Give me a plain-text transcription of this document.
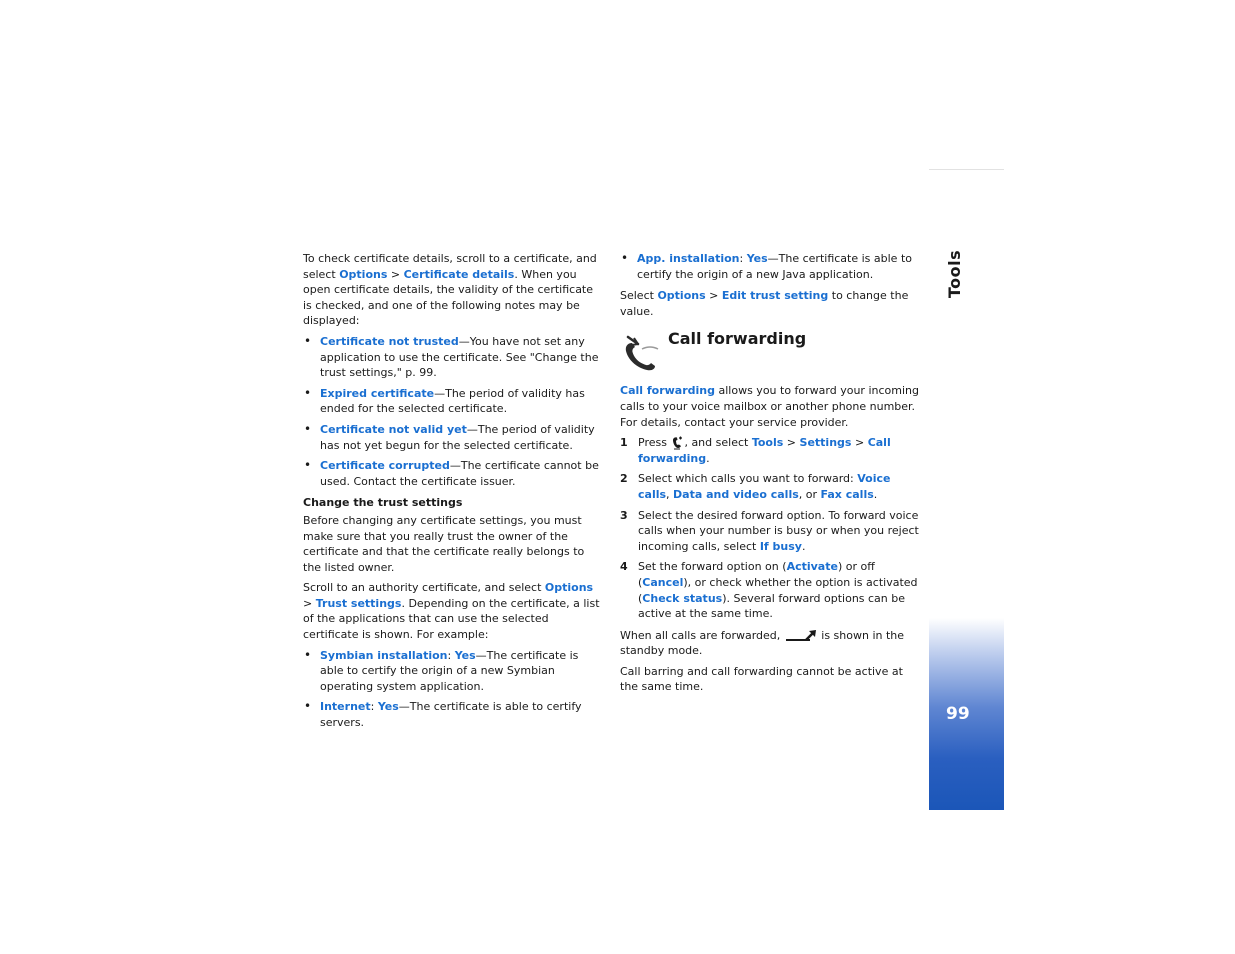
Tools
99

To check certificate details, scroll to a certificate, and select Options > Certificate details. When you open certificate details, the validity of the certificate is checked, and one of the following notes may be displayed:

• Certificate not trusted—You have not set any application to use the certificate. See "Change the trust settings," p. 99.
• Expired certificate—The period of validity has ended for the selected certificate.
• Certificate not valid yet—The period of validity has not yet begun for the selected certificate.
• Certificate corrupted—The certificate cannot be used. Contact the certificate issuer.
Change the trust settings

Before changing any certificate settings, you must make sure that you really trust the owner of the certificate and that the certificate really belongs to the listed owner.

Scroll to an authority certificate, and select Options > Trust settings. Depending on the certificate, a list of the applications that can use the selected certificate is shown. For example:

• Symbian installation: Yes—The certificate is able to certify the origin of a new Symbian operating system application.
• Internet: Yes—The certificate is able to certify servers.
• App. installation: Yes—The certificate is able to certify the origin of a new Java application.

Select Options > Edit trust setting to change the value.

Call forwarding

Call forwarding allows you to forward your incoming calls to your voice mailbox or another phone number. For details, contact your service provider.

1 Press , and select Tools > Settings > Call forwarding.
2 Select which calls you want to forward: Voice calls, Data and video calls, or Fax calls.
3 Select the desired forward option. To forward voice calls when your number is busy or when you reject incoming calls, select If busy.
4 Set the forward option on (Activate) or off (Cancel), or check whether the option is activated (Check status). Several forward options can be active at the same time.

When all calls are forwarded,	is shown in the standby mode.

Call barring and call forwarding cannot be active at the same time.
